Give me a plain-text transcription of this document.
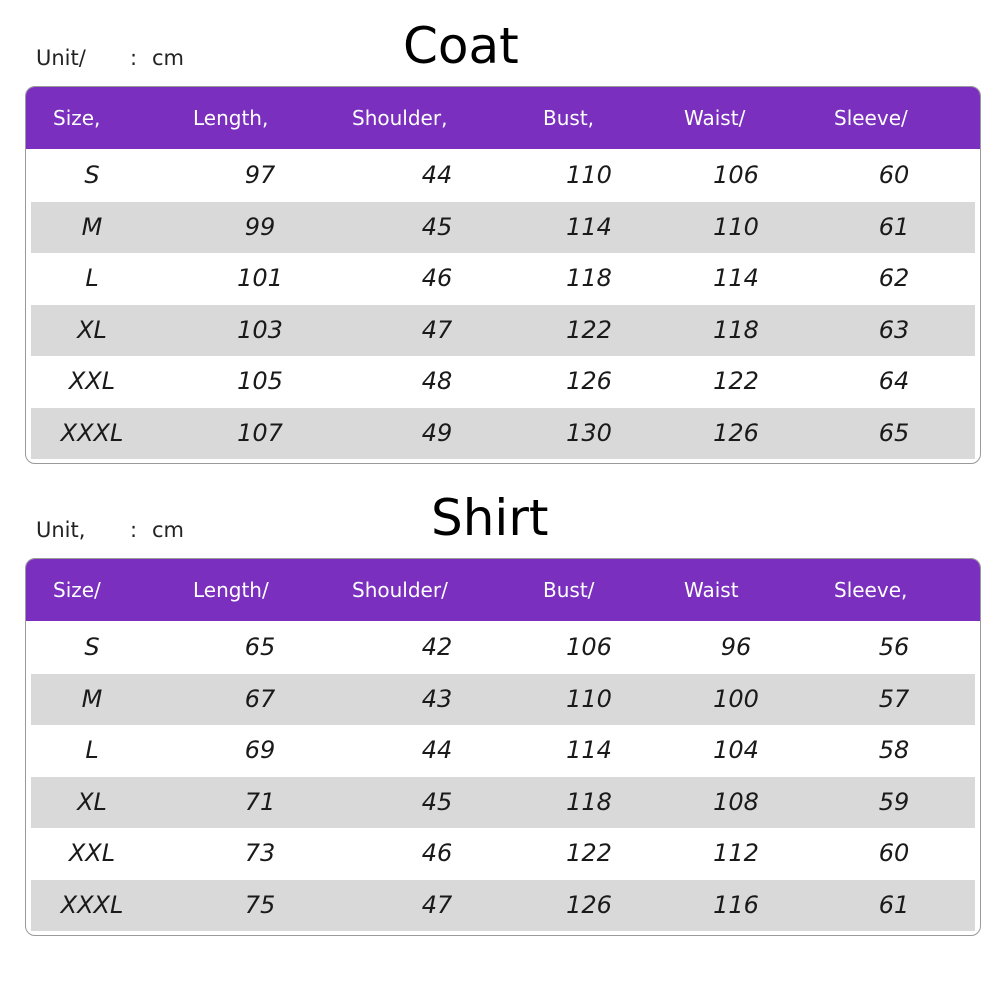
Unit/ : cm	Coat
Size,	Length,	Shoulder,	Bust,	Waist/	Sleeve/
S	97	44	110	106	60
M	99	45	114	110	61
L	101	46	118	114	62
XL	103	47	122	118	63
XXL	105	48	126	122	64
XXXL	107	49	130	126	65
Unit, : cm	Shirt
Size/	Length/	Shoulder/	Bust/	Waist	Sleeve,
S	65	42	106	96	56
M	67	43	110	100	57
L	69	44	114	104	58
XL	71	45	118	108	59
XXL	73	46	122	112	60
XXXL	75	47	126	116	61
